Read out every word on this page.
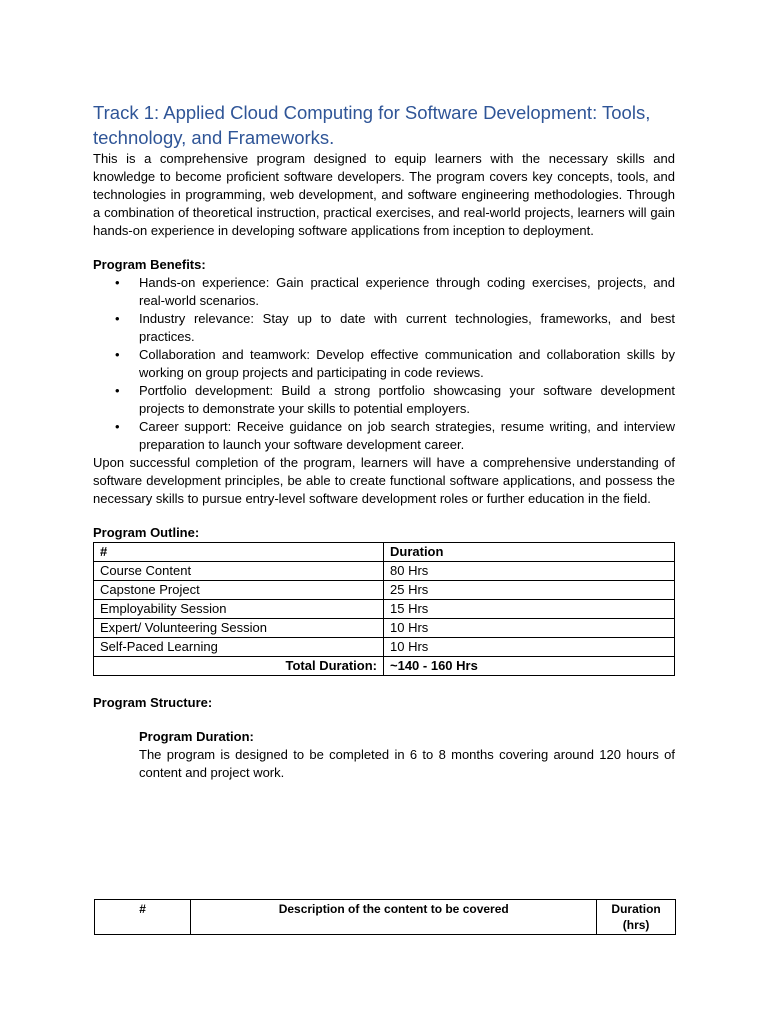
Track 1: Applied Cloud Computing for Software Development: Tools, technology, and Frameworks.

This is a comprehensive program designed to equip learners with the necessary skills and knowledge to become proficient software developers. The program covers key concepts, tools, and technologies in programming, web development, and software engineering methodologies. Through a combination of theoretical instruction, practical exercises, and real-world projects, learners will gain hands-on experience in developing software applications from inception to deployment.

Program Benefits:

• Hands-on experience: Gain practical experience through coding exercises, projects, and real-world scenarios.
• Industry relevance: Stay up to date with current technologies, frameworks, and best practices.
• Collaboration and teamwork: Develop effective communication and collaboration skills by working on group projects and participating in code reviews.
• Portfolio development: Build a strong portfolio showcasing your software development projects to demonstrate your skills to potential employers.
• Career support: Receive guidance on job search strategies, resume writing, and interview preparation to launch your software development career.

Upon successful completion of the program, learners will have a comprehensive understanding of software development principles, be able to create functional software applications, and possess the necessary skills to pursue entry-level software development roles or further education in the field.

Program Outline:

#	Duration
Course Content	80 Hrs
Capstone Project	25 Hrs
Employability Session	15 Hrs
Expert/ Volunteering Session	10 Hrs
Self-Paced Learning	10 Hrs
Total Duration:	~140 - 160 Hrs

Program Structure:

Program Duration:

The program is designed to be completed in 6 to 8 months covering around 120 hours of content and project work.

#	Description of the content to be covered	Duration
(hrs)
